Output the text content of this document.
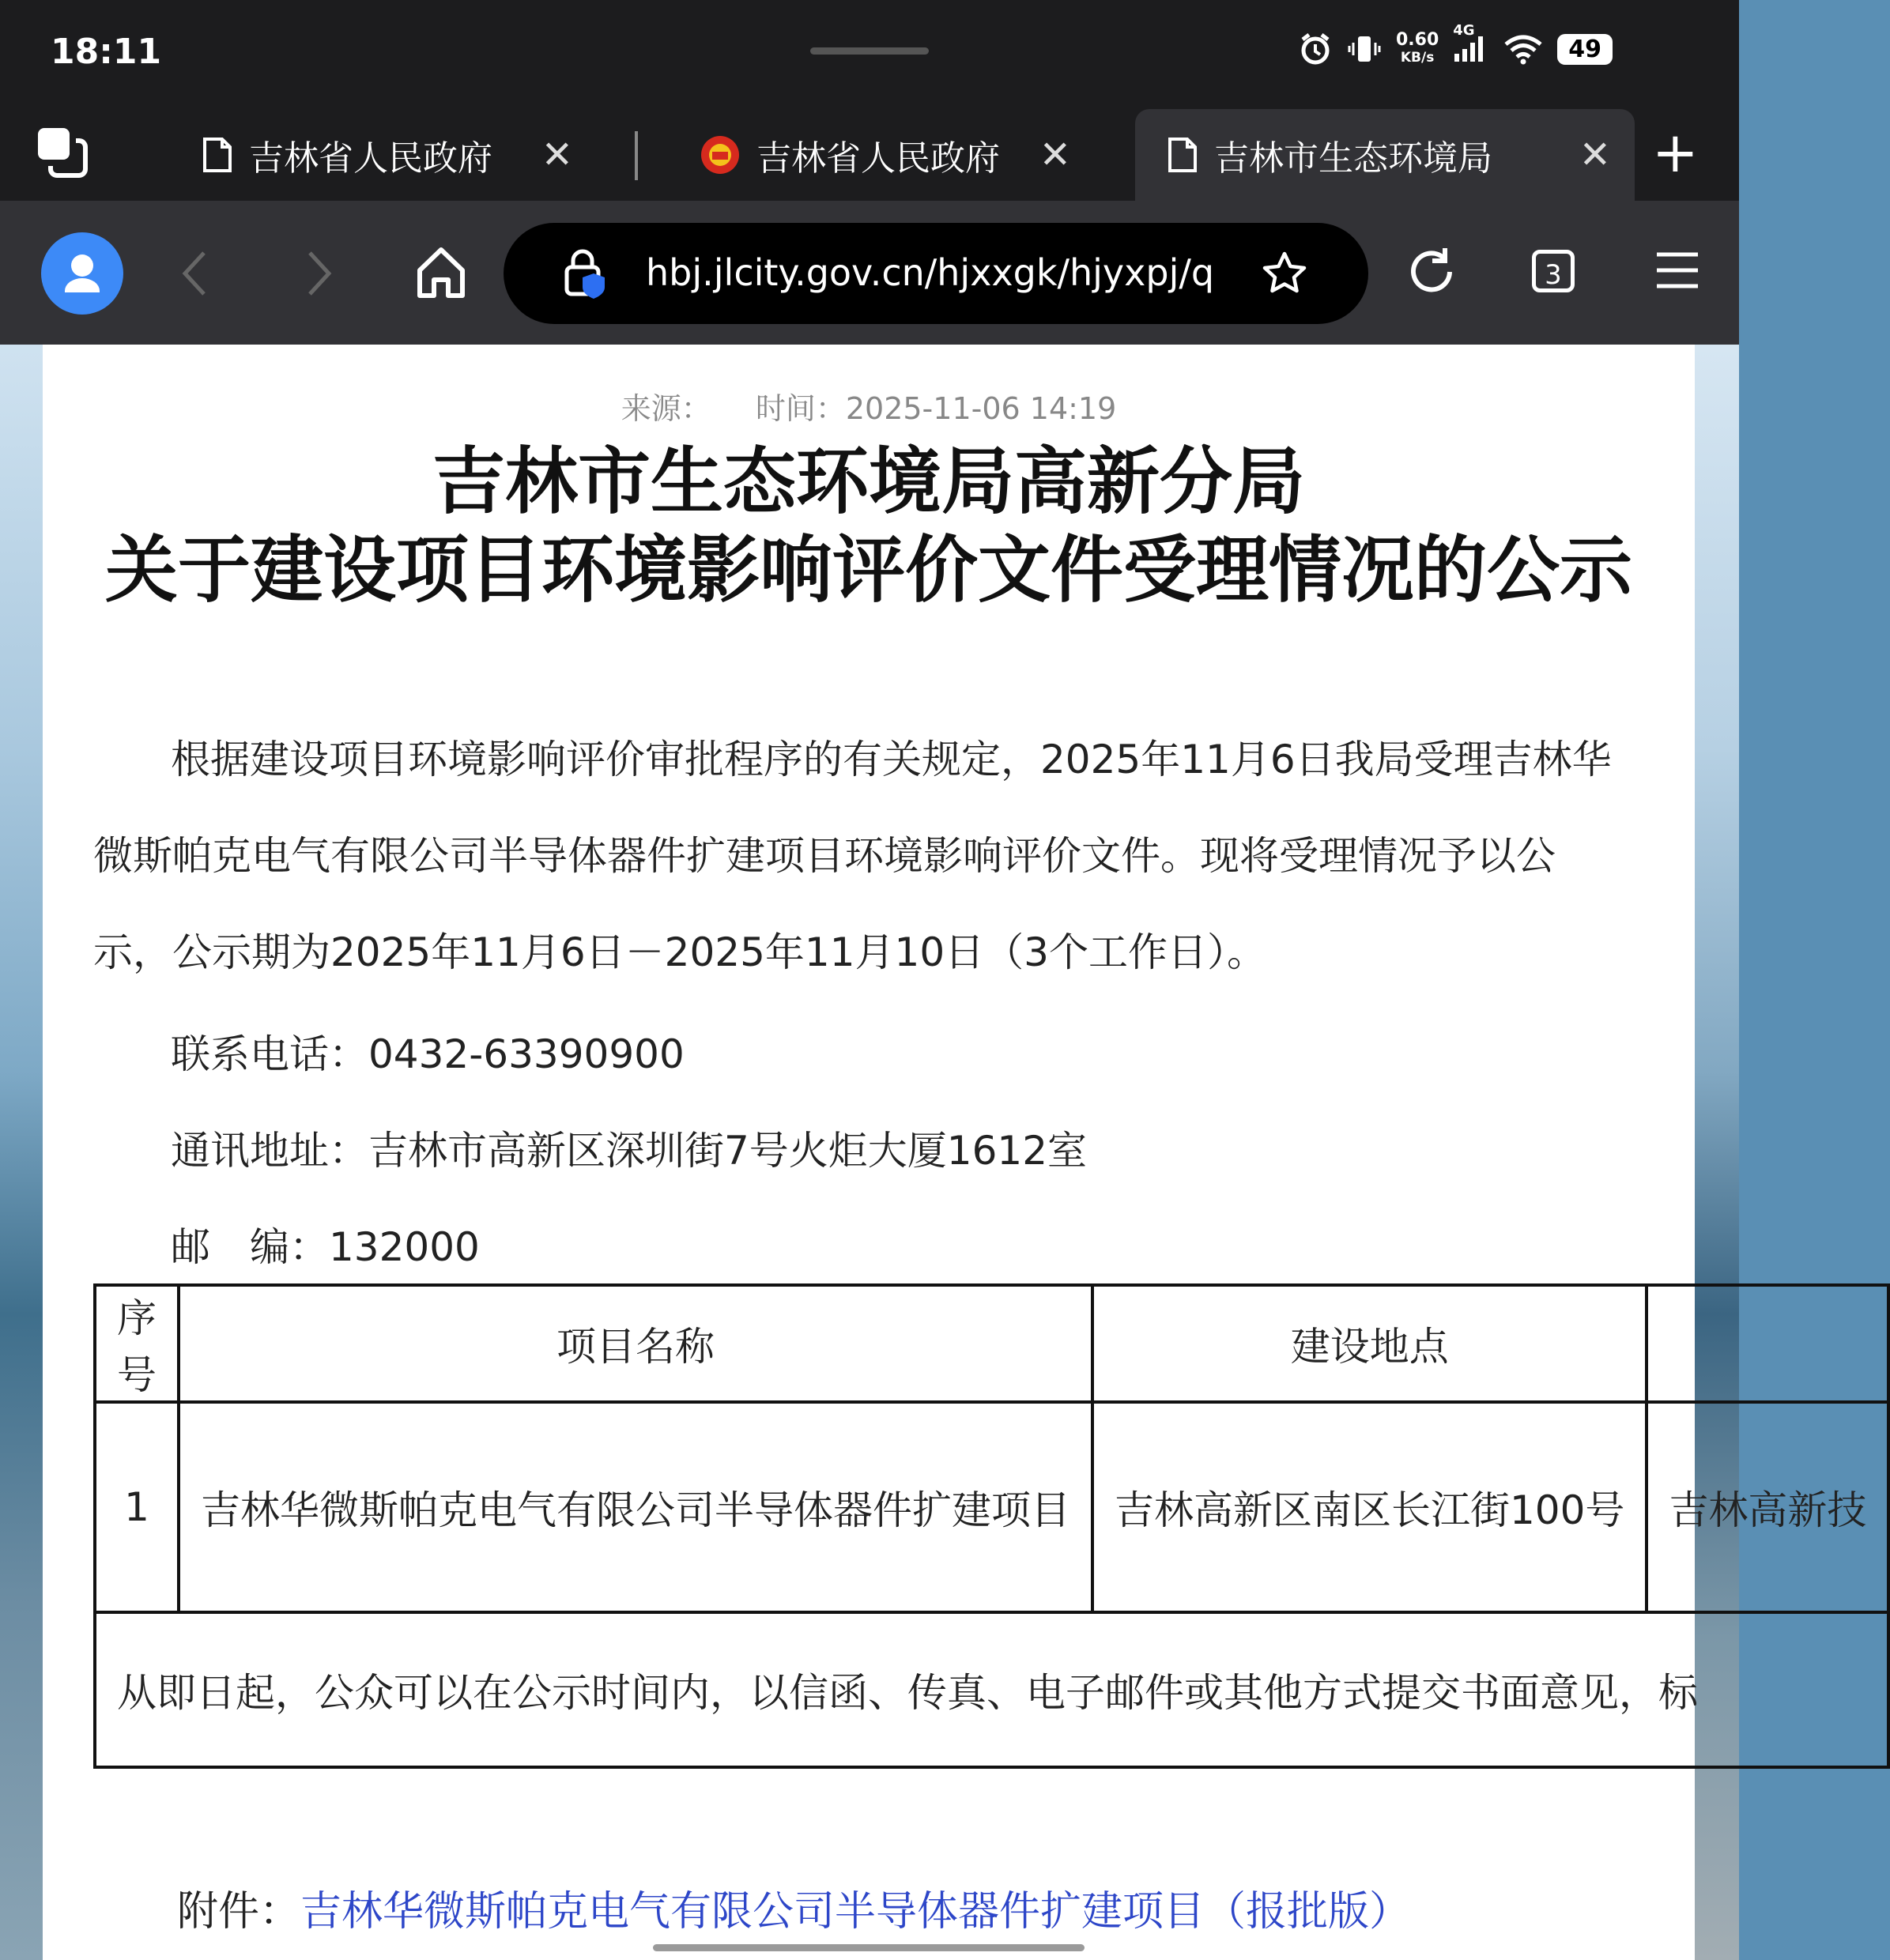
18:11	0.60
KB/s
4G
49
吉林省人民政府 ✕	吉林省人民政府 ✕	吉林市生态环境局 ✕ +
hbj.jlcity.gov.cn/hjxxgk/hjyxpj/q	3
来源： 时间：2025-11-06 14:19
吉林市生态环境局高新分局
关于建设项目环境影响评价文件受理情况的公示
根据建设项目环境影响评价审批程序的有关规定，2025年11月6日我局受理吉林华微斯帕克电气有限公司半导体器件扩建项目环境影响评价文件。现将受理情况予以公示，公示期为2025年11月6日－2025年11月10日（3个工作日）。
联系电话：0432-63390900
通讯地址：吉林市高新区深圳街7号火炬大厦1612室
邮　编：132000
序号	项目名称	建设地点	
1	吉林华微斯帕克电气有限公司半导体器件扩建项目	吉林高新区南区长江街100号	吉林高新技
从即日起，公众可以在公示时间内，以信函、传真、电子邮件或其他方式提交书面意见，标			
附件：吉林华微斯帕克电气有限公司半导体器件扩建项目（报批版）
